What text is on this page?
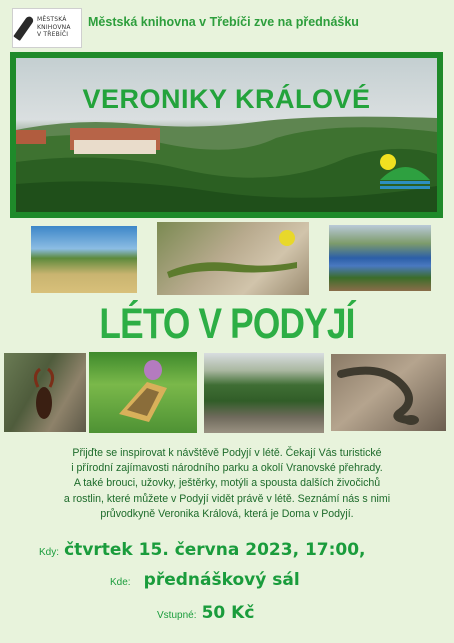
MĚSTSKÁ
KNIHOVNA
V TŘEBÍČI
Městská knihovna v Třebíči zve na přednášku
VERONIKY KRÁLOVÉ
LÉTO V PODYJÍ

Přijďte se inspirovat k návštěvě Podyjí v létě. Čekají Vás turistické

i přírodní zajímavosti národního parku a okolí Vranovské přehrady.

A také brouci, užovky, ještěrky, motýli a spousta dalších živočichů

a rostlin, které můžete v Podyjí vidět právě v létě. Seznámí nás s nimi

průvodkyně Veronika Králová, která je Doma v Podyjí.

Kdy: čtvrtek 15. června 2023, 17:00,
Kde: přednáškový sál
Vstupné: 50 Kč
